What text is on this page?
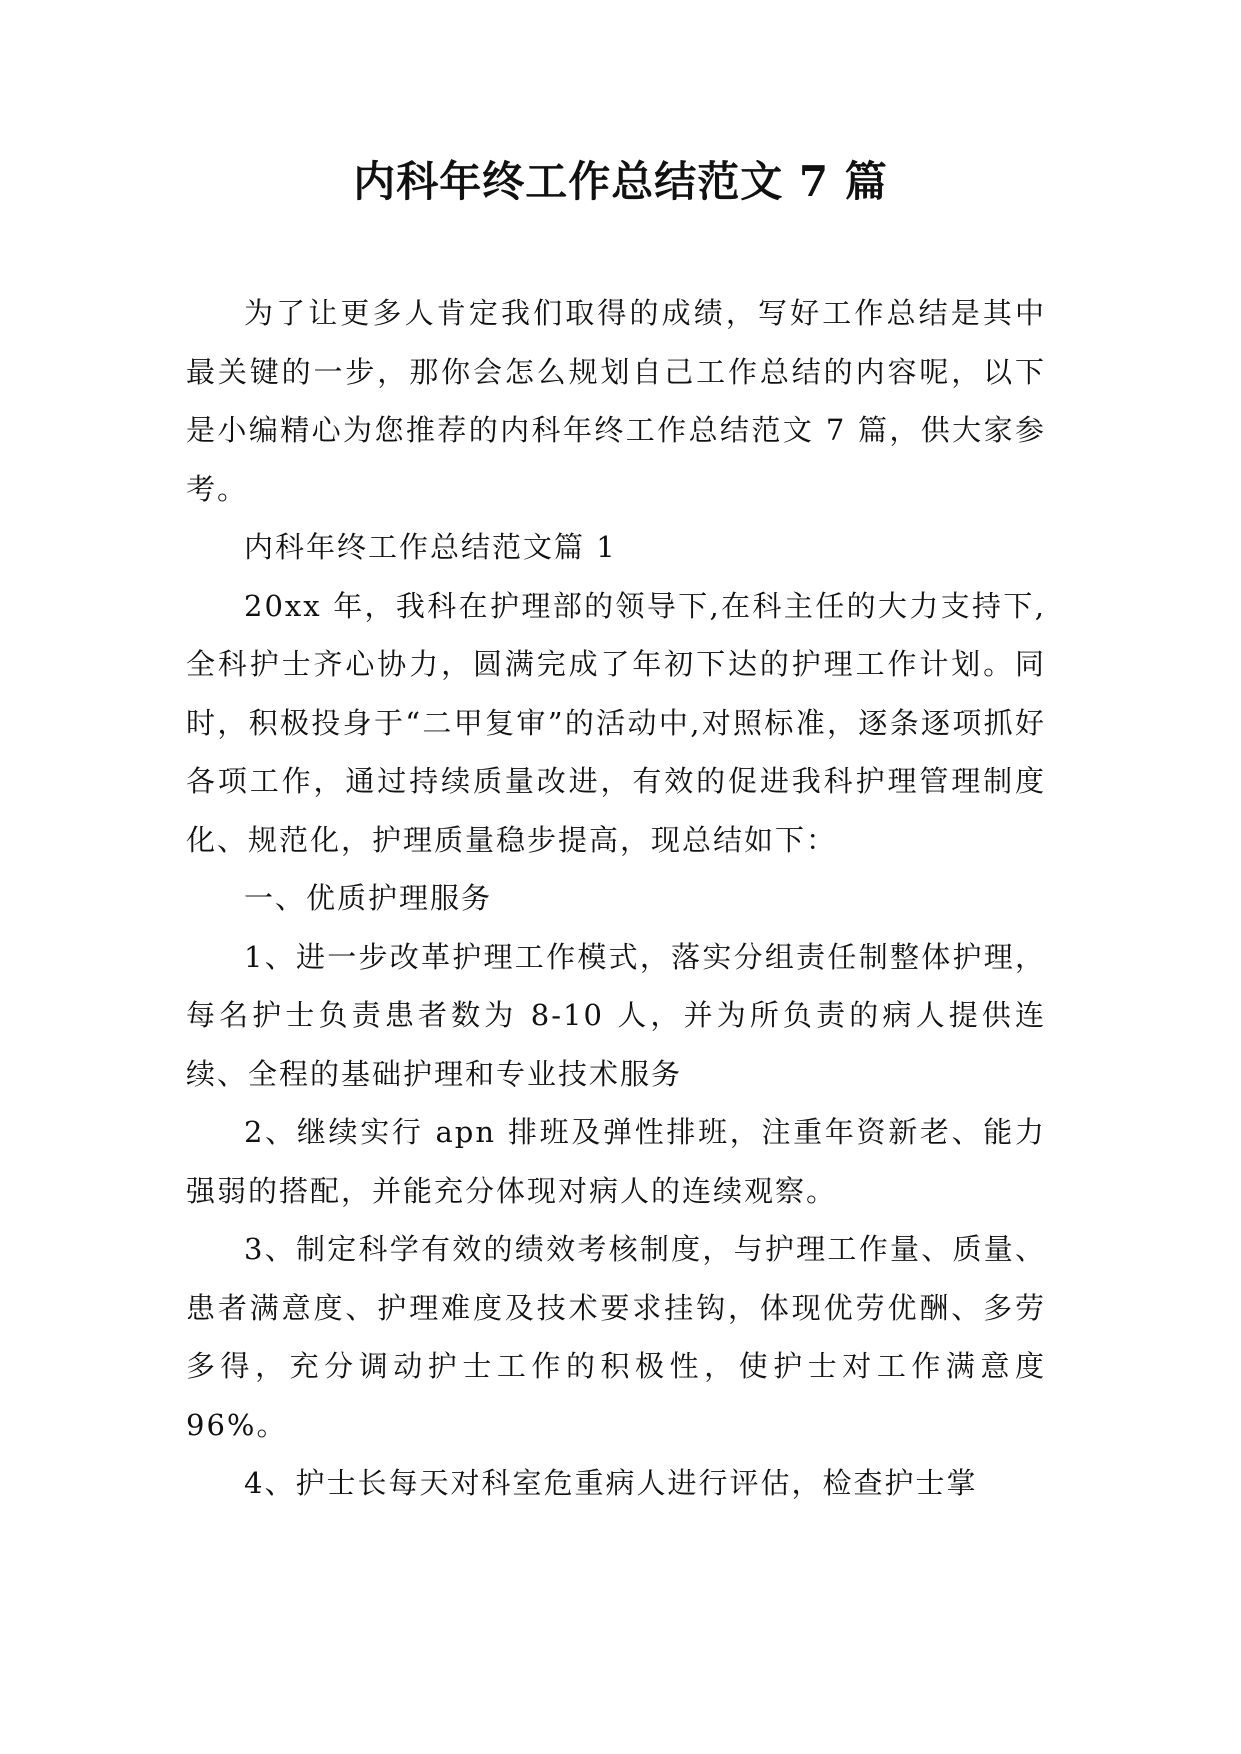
内科年终工作总结范文 7 篇

为了让更多人肯定我们取得的成绩，写好工作总结是其中最关键的一步，那你会怎么规划自己工作总结的内容呢，以下是小编精心为您推荐的内科年终工作总结范文 7 篇，供大家参考。

内科年终工作总结范文篇 1

20xx 年，我科在护理部的领导下,在科主任的大力支持下,全科护士齐心协力，圆满完成了年初下达的护理工作计划。同时，积极投身于“二甲复审”的活动中,对照标准，逐条逐项抓好各项工作，通过持续质量改进，有效的促进我科护理管理制度化、规范化，护理质量稳步提高，现总结如下：

一、优质护理服务

1、进一步改革护理工作模式，落实分组责任制整体护理，每名护士负责患者数为 8-10 人，并为所负责的病人提供连续、全程的基础护理和专业技术服务

2、继续实行 apn 排班及弹性排班，注重年资新老、能力强弱的搭配，并能充分体现对病人的连续观察。

3、制定科学有效的绩效考核制度，与护理工作量、质量、患者满意度、护理难度及技术要求挂钩，体现优劳优酬、多劳多得，充分调动护士工作的积极性，使护士对工作满意度 96%。

4、护士长每天对科室危重病人进行评估，检查护士掌
